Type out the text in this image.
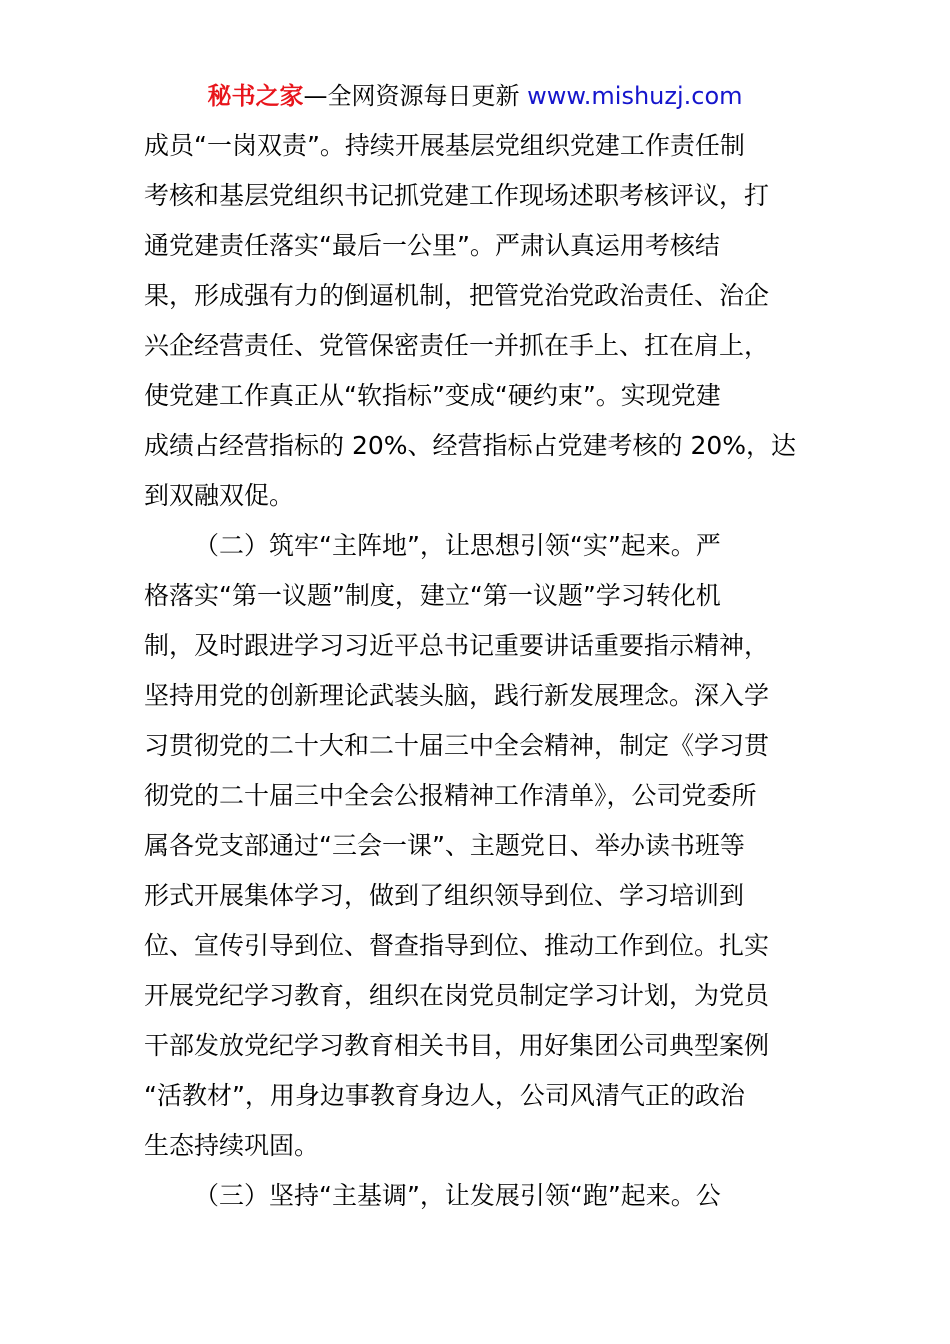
秘书之家—全网资源每日更新 www.mishuzj.com
成员“一岗双责”。持续开展基层党组织党建工作责任制
考核和基层党组织书记抓党建工作现场述职考核评议，打
通党建责任落实“最后一公里”。严肃认真运用考核结
果，形成强有力的倒逼机制，把管党治党政治责任、治企
兴企经营责任、党管保密责任一并抓在手上、扛在肩上，
使党建工作真正从“软指标”变成“硬约束”。实现党建
成绩占经营指标的 20%、经营指标占党建考核的 20%，达
到双融双促。
（二）筑牢“主阵地”，让思想引领“实”起来。严
格落实“第一议题”制度，建立“第一议题”学习转化机
制，及时跟进学习习近平总书记重要讲话重要指示精神，
坚持用党的创新理论武装头脑，践行新发展理念。深入学
习贯彻党的二十大和二十届三中全会精神，制定《学习贯
彻党的二十届三中全会公报精神工作清单》，公司党委所
属各党支部通过“三会一课”、主题党日、举办读书班等
形式开展集体学习，做到了组织领导到位、学习培训到
位、宣传引导到位、督查指导到位、推动工作到位。扎实
开展党纪学习教育，组织在岗党员制定学习计划，为党员
干部发放党纪学习教育相关书目，用好集团公司典型案例
“活教材”，用身边事教育身边人，公司风清气正的政治
生态持续巩固。
（三）坚持“主基调”，让发展引领“跑”起来。公
